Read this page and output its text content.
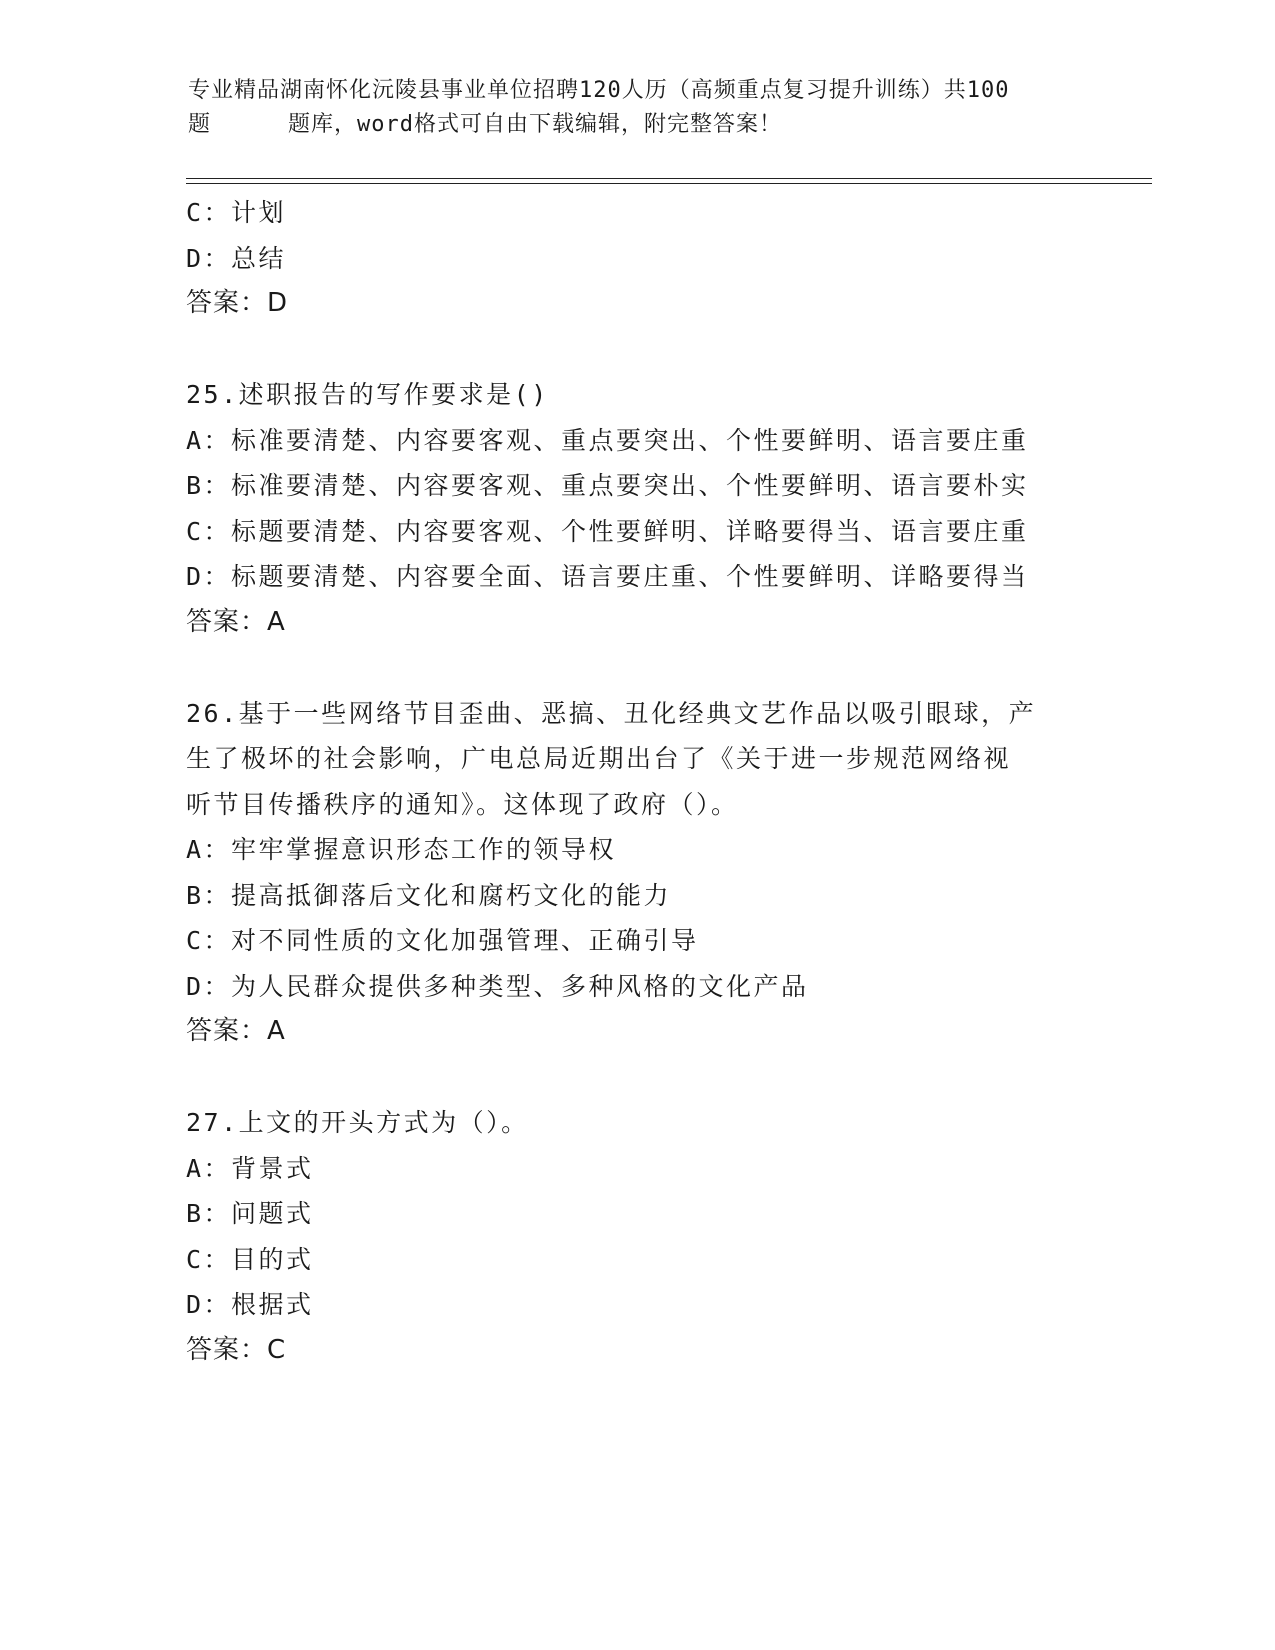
专业精品湖南怀化沅陵县事业单位招聘120人历（高频重点复习提升训练）共100
题	题库，word格式可自由下载编辑，附完整答案！
C：计划
D：总结
答案：D
25.述职报告的写作要求是()
A：标准要清楚、内容要客观、重点要突出、个性要鲜明、语言要庄重
B：标准要清楚、内容要客观、重点要突出、个性要鲜明、语言要朴实
C：标题要清楚、内容要客观、个性要鲜明、详略要得当、语言要庄重
D：标题要清楚、内容要全面、语言要庄重、个性要鲜明、详略要得当
答案：A
26.基于一些网络节目歪曲、恶搞、丑化经典文艺作品以吸引眼球，产
生了极坏的社会影响，广电总局近期出台了《关于进一步规范网络视
听节目传播秩序的通知》。这体现了政府（）。
A：牢牢掌握意识形态工作的领导权
B：提高抵御落后文化和腐朽文化的能力
C：对不同性质的文化加强管理、正确引导
D：为人民群众提供多种类型、多种风格的文化产品
答案：A
27.上文的开头方式为（）。
A：背景式
B：问题式
C：目的式
D：根据式
答案：C
